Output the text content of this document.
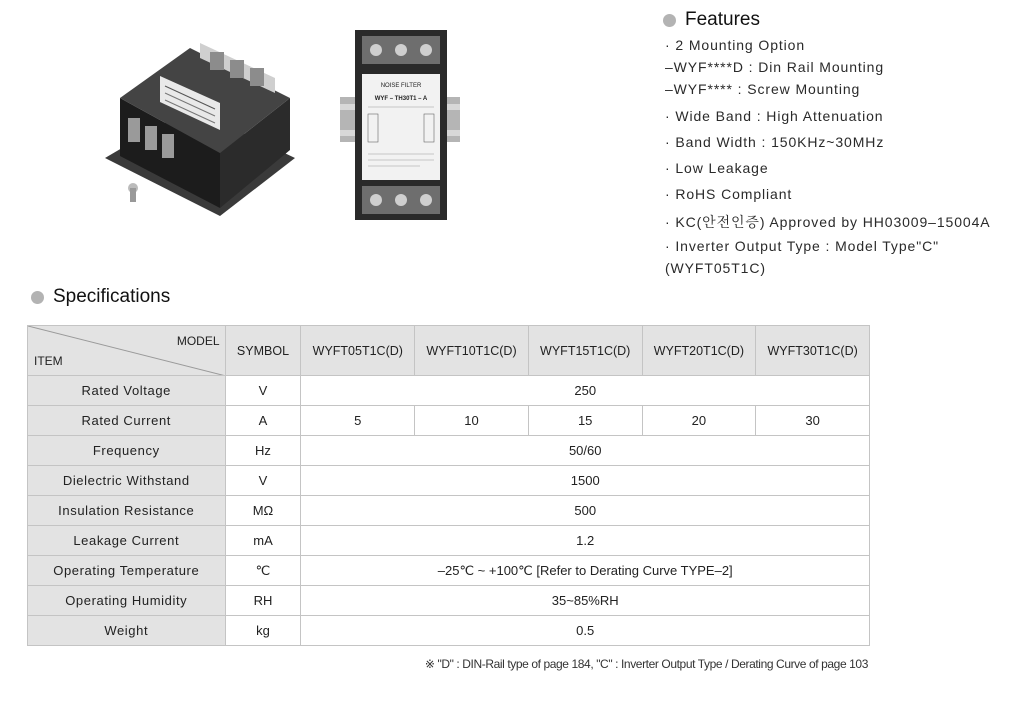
NOISE FILTER
WYF – TH30T1 – A
Features
· 2 Mounting Option
–WYF****D : Din Rail Mounting
–WYF**** : Screw Mounting
· Wide Band : High Attenuation
· Band Width : 150KHz~30MHz
· Low Leakage
· RoHS Compliant
· KC(안전인증) Approved by HH03009–15004A
· Inverter Output Type : Model Type"C"
(WYFT05T1C)
Specifications
MODEL
ITEM	SYMBOL	WYFT05T1C(D)	WYFT10T1C(D)	WYFT15T1C(D)	WYFT20T1C(D)	WYFT30T1C(D)
Rated Voltage	V	250				
Rated Current	A	5	10	15	20	30
Frequency	Hz	50/60				
Dielectric Withstand	V	1500				
Insulation Resistance	MΩ	500				
Leakage Current	mA	1.2				
Operating Temperature	℃	–25℃ ~ +100℃ [Refer to Derating Curve TYPE–2]				
Operating Humidity	RH	35~85%RH				
Weight	kg	0.5				
※ "D" : DIN-Rail type of page 184, "C" : Inverter Output Type / Derating Curve of page 103
